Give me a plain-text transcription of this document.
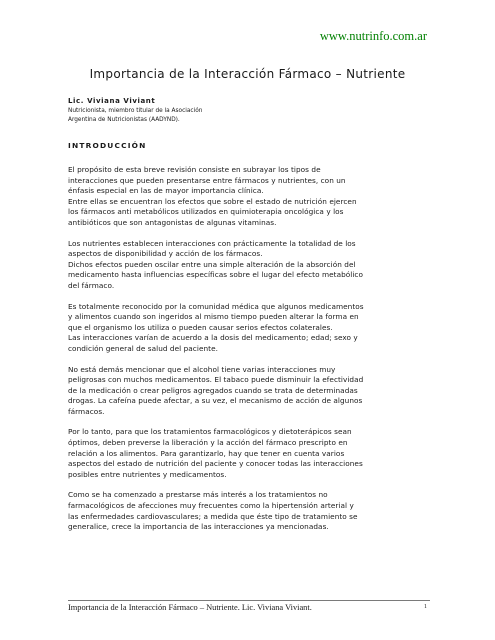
www.nutrinfo.com.ar
Importancia de la Interacción Fármaco – Nutriente
Lic. Viviana Viviant
Nutricionista, miembro titular de la Asociación
Argentina de Nutricionistas (AADYND).
INTRODUCCIÓN
El propósito de esta breve revisión consiste en subrayar los tipos de
interacciones que pueden presentarse entre fármacos y nutrientes, con un
énfasis especial en las de mayor importancia clínica.
Entre ellas se encuentran los efectos que sobre el estado de nutrición ejercen
los fármacos anti metabólicos utilizados en quimioterapia oncológica y los
antibióticos que son antagonistas de algunas vitaminas.
Los nutrientes establecen interacciones con prácticamente la totalidad de los
aspectos de disponibilidad y acción de los fármacos.
Dichos efectos pueden oscilar entre una simple alteración de la absorción del
medicamento hasta influencias específicas sobre el lugar del efecto metabólico
del fármaco.
Es totalmente reconocido por la comunidad médica que algunos medicamentos
y alimentos cuando son ingeridos al mismo tiempo pueden alterar la forma en
que el organismo los utiliza o pueden causar serios efectos colaterales.
Las interacciones varían de acuerdo a la dosis del medicamento; edad; sexo y
condición general de salud del paciente.
No está demás mencionar que el alcohol tiene varias interacciones muy
peligrosas con muchos medicamentos. El tabaco puede disminuir la efectividad
de la medicación o crear peligros agregados cuando se trata de determinadas
drogas. La cafeína puede afectar, a su vez, el mecanismo de acción de algunos
fármacos.
Por lo tanto, para que los tratamientos farmacológicos y dietoterápicos sean
óptimos, deben preverse la liberación y la acción del fármaco prescripto en
relación a los alimentos. Para garantizarlo, hay que tener en cuenta varios
aspectos del estado de nutrición del paciente y conocer todas las interacciones
posibles entre nutrientes y medicamentos.
Como se ha comenzado a prestarse más interés a los tratamientos no
farmacológicos de afecciones muy frecuentes como la hipertensión arterial y
las enfermedades cardiovasculares; a medida que éste tipo de tratamiento se
generalice, crece la importancia de las interacciones ya mencionadas.
Importancia de la Interacción Fármaco – Nutriente. Lic. Viviana Viviant.	1
